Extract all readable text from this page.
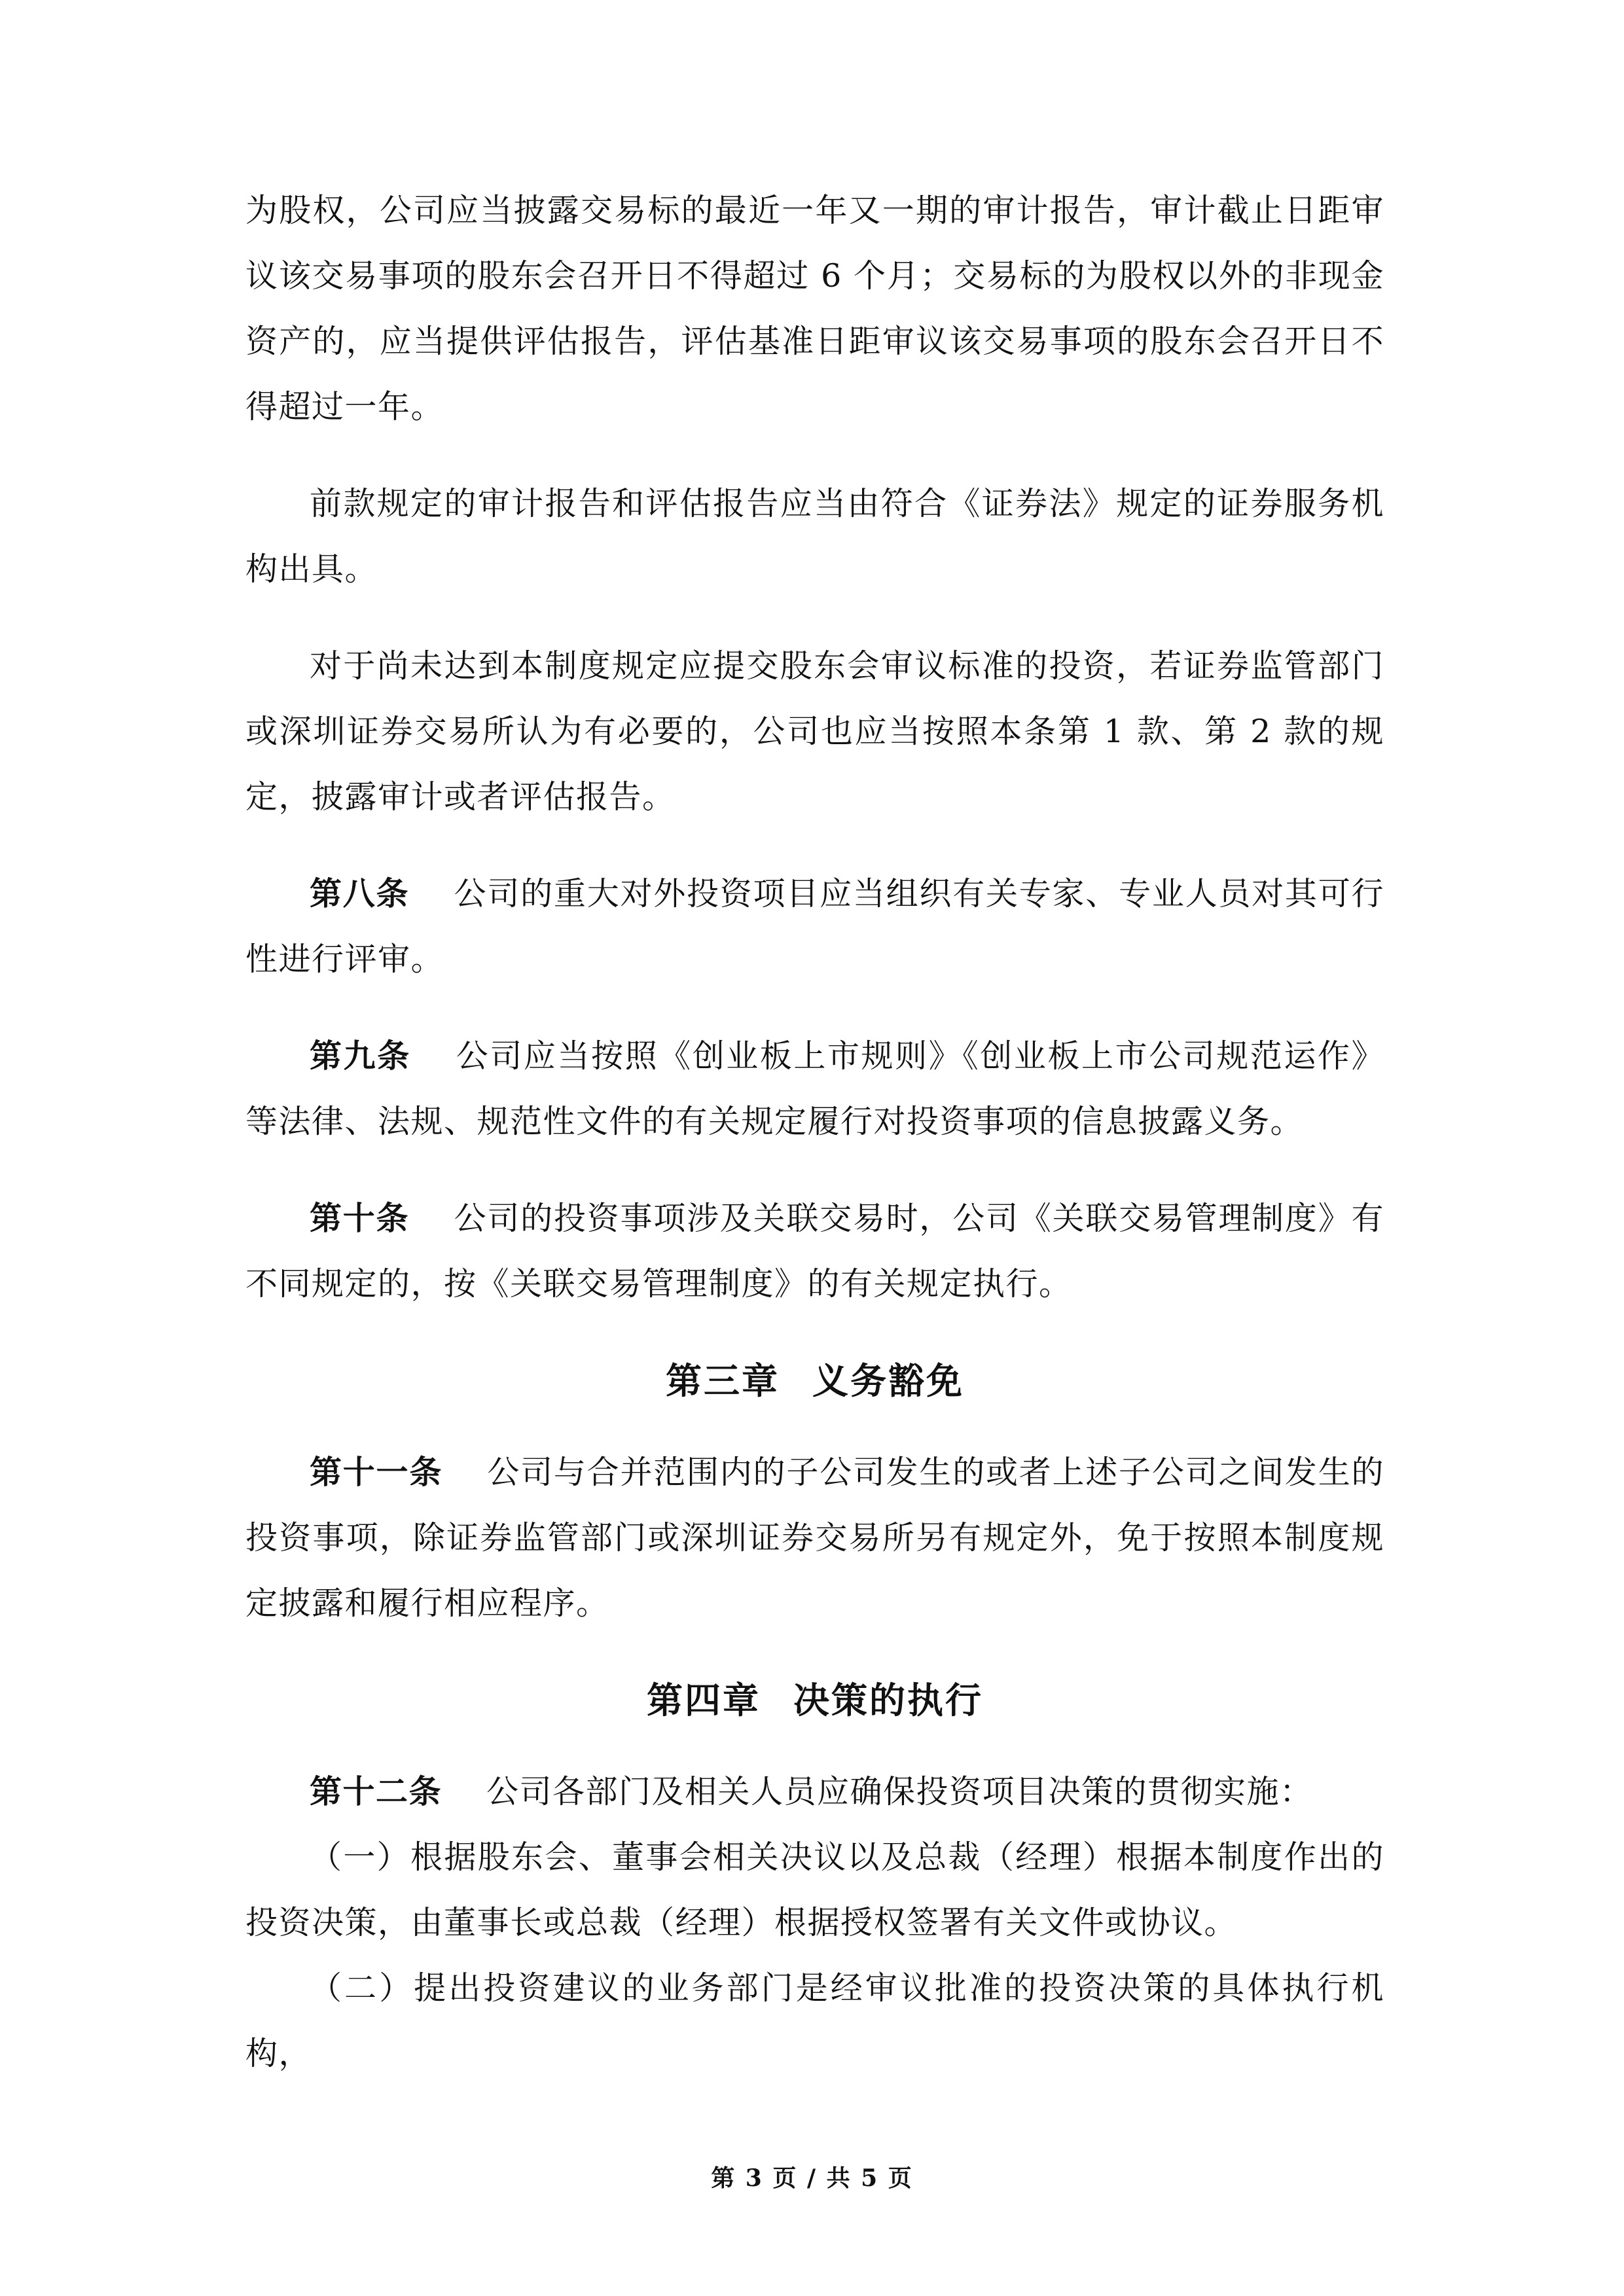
为股权，公司应当披露交易标的最近一年又一期的审计报告，审计截止日距审议该交易事项的股东会召开日不得超过 6 个月；交易标的为股权以外的非现金资产的，应当提供评估报告，评估基准日距审议该交易事项的股东会召开日不得超过一年。

前款规定的审计报告和评估报告应当由符合《证券法》规定的证券服务机构出具。

对于尚未达到本制度规定应提交股东会审议标准的投资，若证券监管部门或深圳证券交易所认为有必要的，公司也应当按照本条第 1 款、第 2 款的规定，披露审计或者评估报告。

第八条 公司的重大对外投资项目应当组织有关专家、专业人员对其可行性进行评审。

第九条 公司应当按照《创业板上市规则》《创业板上市公司规范运作》等法律、法规、规范性文件的有关规定履行对投资事项的信息披露义务。

第十条 公司的投资事项涉及关联交易时，公司《关联交易管理制度》有不同规定的，按《关联交易管理制度》的有关规定执行。

第三章 义务豁免

第十一条 公司与合并范围内的子公司发生的或者上述子公司之间发生的投资事项，除证券监管部门或深圳证券交易所另有规定外，免于按照本制度规定披露和履行相应程序。

第四章 决策的执行

第十二条 公司各部门及相关人员应确保投资项目决策的贯彻实施：

（一）根据股东会、董事会相关决议以及总裁（经理）根据本制度作出的投资决策，由董事长或总裁（经理）根据授权签署有关文件或协议。

（二）提出投资建议的业务部门是经审议批准的投资决策的具体执行机构，

第 3 页 / 共 5 页
